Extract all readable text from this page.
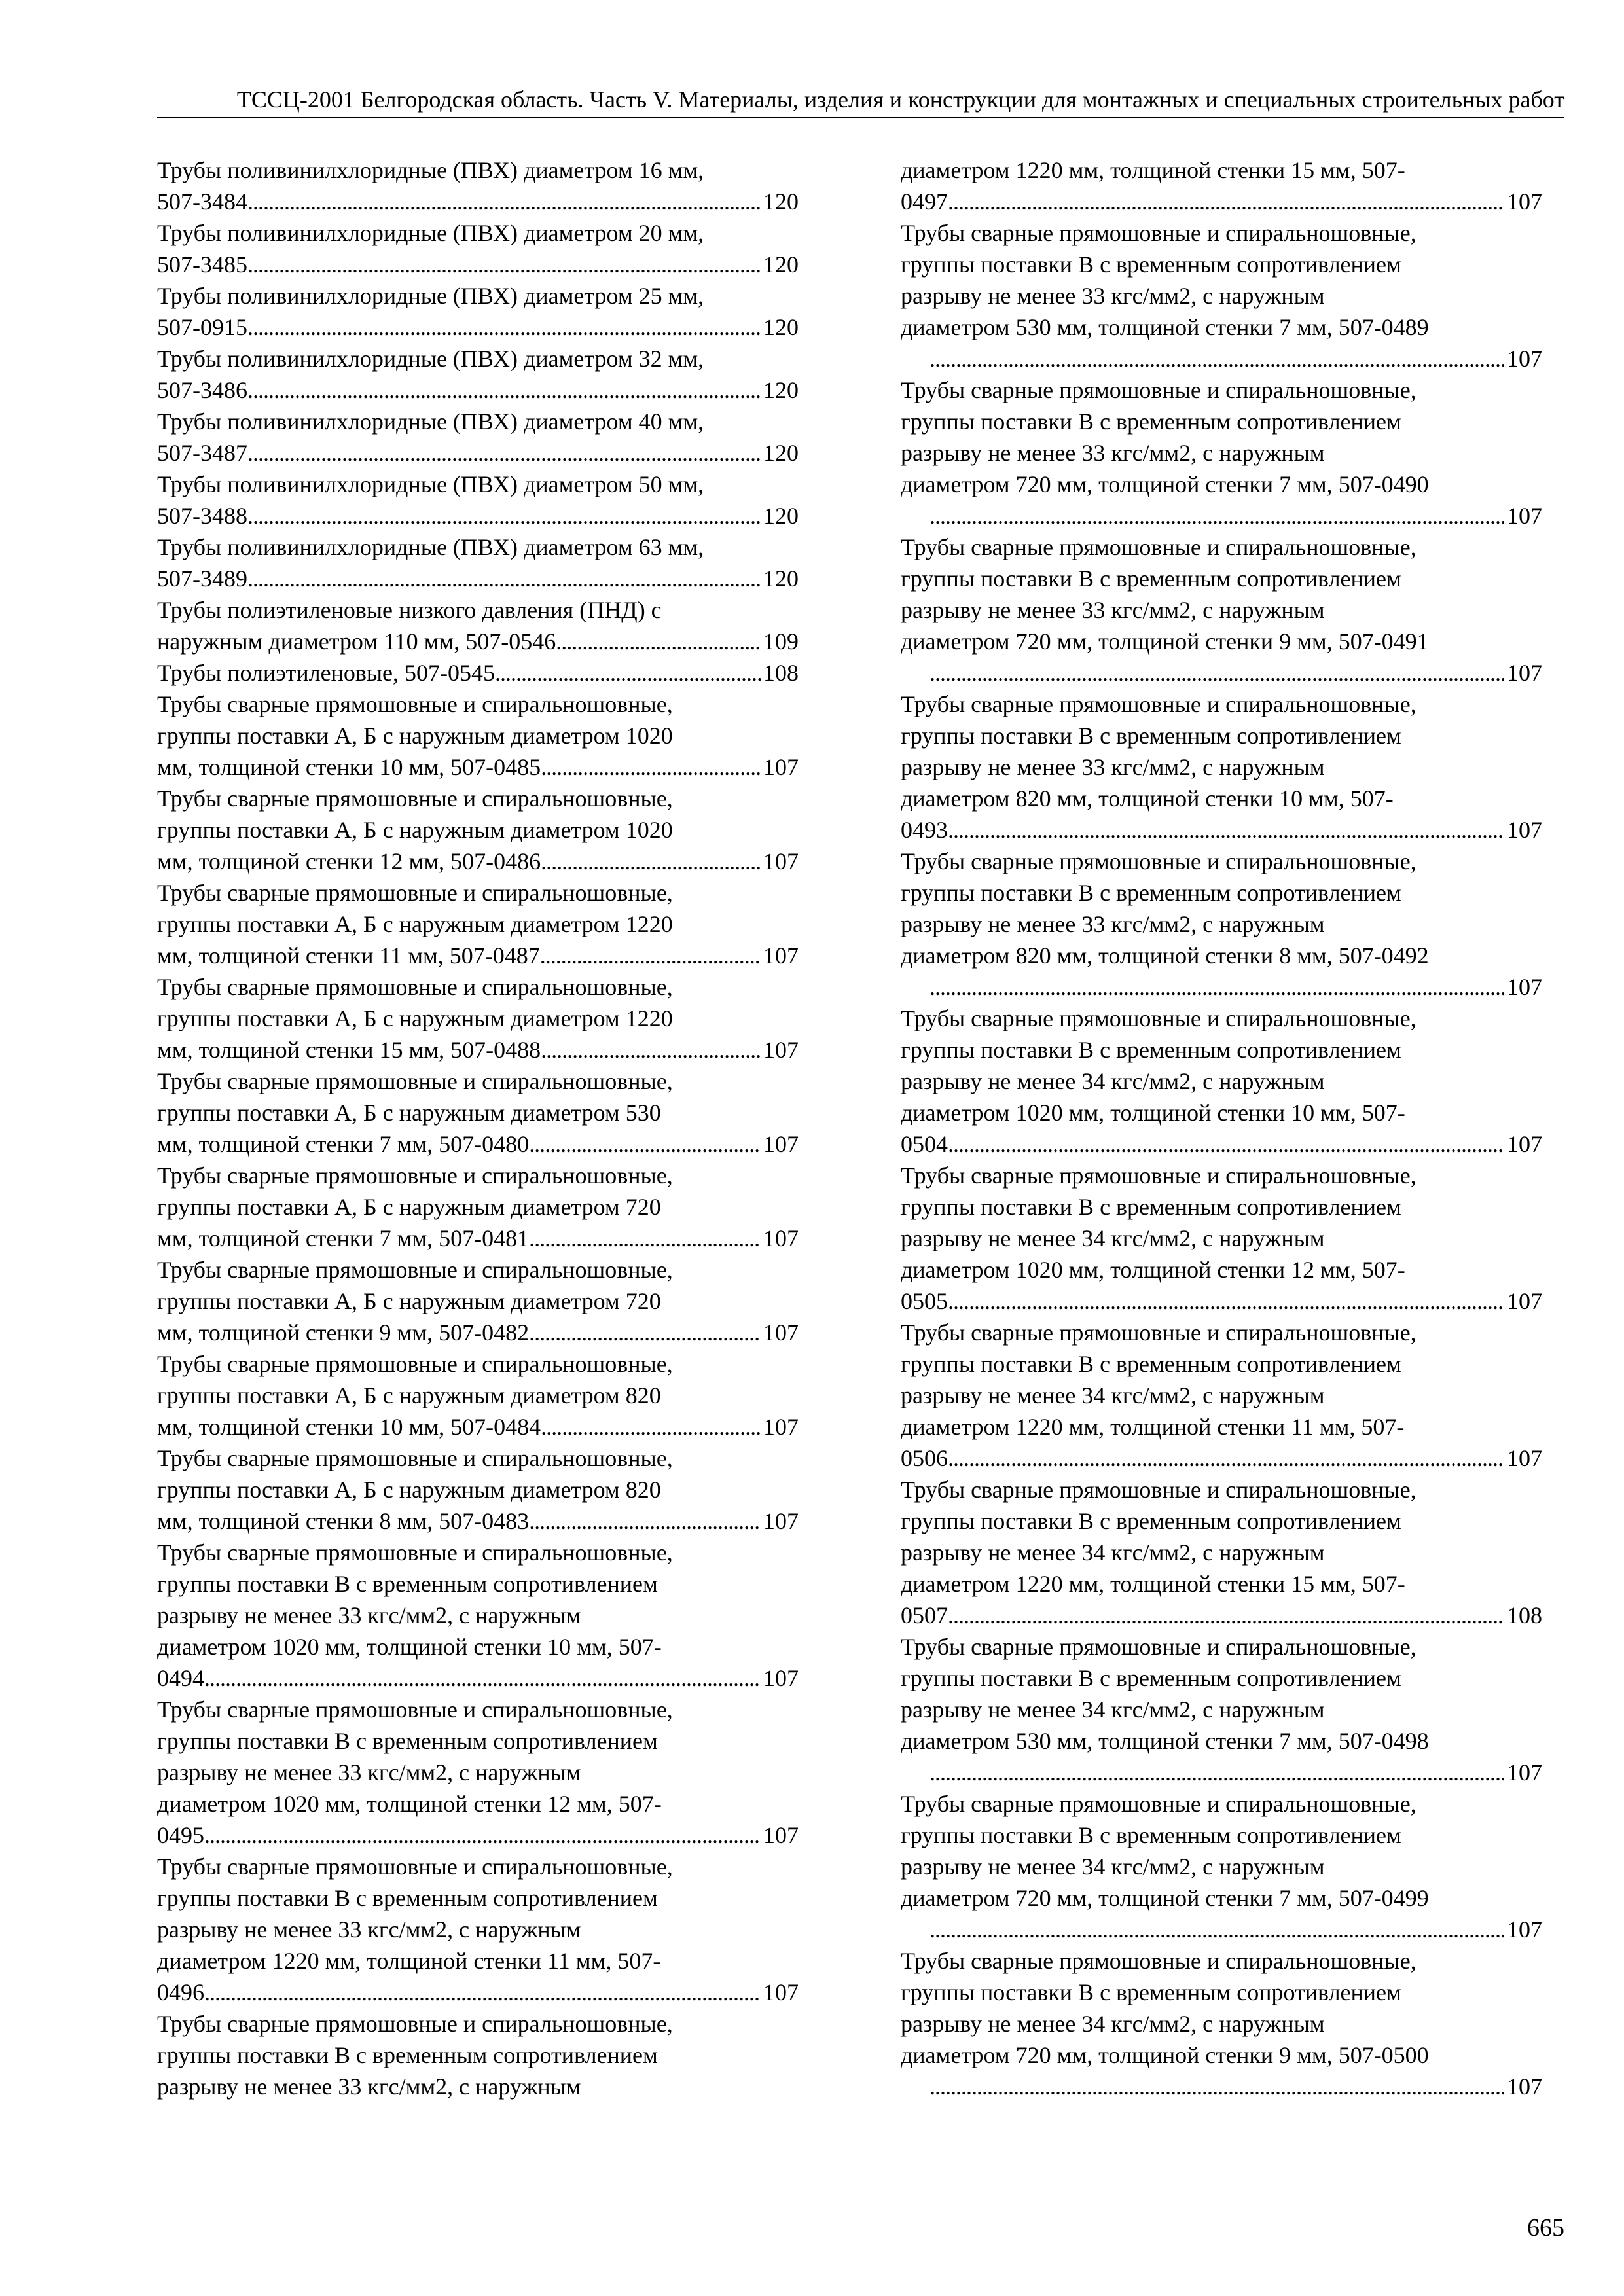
ТССЦ-2001 Белгородская область. Часть V. Материалы, изделия и конструкции для монтажных и специальных строительных работ
Трубы поливинилхлоридные (ПВХ) диаметром 16 мм,
507-3484 . . .	120
Трубы поливинилхлоридные (ПВХ) диаметром 20 мм,
507-3485 . . .	120
Трубы поливинилхлоридные (ПВХ) диаметром 25 мм,
507-0915 . . .	120
Трубы поливинилхлоридные (ПВХ) диаметром 32 мм,
507-3486 . . .	120
Трубы поливинилхлоридные (ПВХ) диаметром 40 мм,
507-3487 . . .	120
Трубы поливинилхлоридные (ПВХ) диаметром 50 мм,
507-3488 . . .	120
Трубы поливинилхлоридные (ПВХ) диаметром 63 мм,
507-3489 . . .	120
Трубы полиэтиленовые низкого давления (ПНД) с
наружным диаметром 110 мм, 507-0546 . . .	109
Трубы полиэтиленовые, 507-0545 . . .	108
Трубы сварные прямошовные и спиральношовные,
группы поставки А, Б с наружным диаметром 1020
мм, толщиной стенки 10 мм, 507-0485 . . .	107
Трубы сварные прямошовные и спиральношовные,
группы поставки А, Б с наружным диаметром 1020
мм, толщиной стенки 12 мм, 507-0486 . . .	107
Трубы сварные прямошовные и спиральношовные,
группы поставки А, Б с наружным диаметром 1220
мм, толщиной стенки 11 мм, 507-0487 . . .	107
Трубы сварные прямошовные и спиральношовные,
группы поставки А, Б с наружным диаметром 1220
мм, толщиной стенки 15 мм, 507-0488 . . .	107
Трубы сварные прямошовные и спиральношовные,
группы поставки А, Б с наружным диаметром 530
мм, толщиной стенки 7 мм, 507-0480 . . .	107
Трубы сварные прямошовные и спиральношовные,
группы поставки А, Б с наружным диаметром 720
мм, толщиной стенки 7 мм, 507-0481 . . .	107
Трубы сварные прямошовные и спиральношовные,
группы поставки А, Б с наружным диаметром 720
мм, толщиной стенки 9 мм, 507-0482 . . .	107
Трубы сварные прямошовные и спиральношовные,
группы поставки А, Б с наружным диаметром 820
мм, толщиной стенки 10 мм, 507-0484 . . .	107
Трубы сварные прямошовные и спиральношовные,
группы поставки А, Б с наружным диаметром 820
мм, толщиной стенки 8 мм, 507-0483 . . .	107
Трубы сварные прямошовные и спиральношовные,
группы поставки В с временным сопротивлением
разрыву не менее 33 кгс/мм2, с наружным
диаметром 1020 мм, толщиной стенки 10 мм, 507-
0494 . . .	107
Трубы сварные прямошовные и спиральношовные,
группы поставки В с временным сопротивлением
разрыву не менее 33 кгс/мм2, с наружным
диаметром 1020 мм, толщиной стенки 12 мм, 507-
0495 . . .	107
Трубы сварные прямошовные и спиральношовные,
группы поставки В с временным сопротивлением
разрыву не менее 33 кгс/мм2, с наружным
диаметром 1220 мм, толщиной стенки 11 мм, 507-
0496 . . .	107
Трубы сварные прямошовные и спиральношовные,
группы поставки В с временным сопротивлением
разрыву не менее 33 кгс/мм2, с наружным
диаметром 1220 мм, толщиной стенки 15 мм, 507-
0497 . . .	107
Трубы сварные прямошовные и спиральношовные,
группы поставки В с временным сопротивлением
разрыву не менее 33 кгс/мм2, с наружным
диаметром 530 мм, толщиной стенки 7 мм, 507-0489
. . .
107
Трубы сварные прямошовные и спиральношовные,
группы поставки В с временным сопротивлением
разрыву не менее 33 кгс/мм2, с наружным
диаметром 720 мм, толщиной стенки 7 мм, 507-0490
. . .
107
Трубы сварные прямошовные и спиральношовные,
группы поставки В с временным сопротивлением
разрыву не менее 33 кгс/мм2, с наружным
диаметром 720 мм, толщиной стенки 9 мм, 507-0491
. . .
107
Трубы сварные прямошовные и спиральношовные,
группы поставки В с временным сопротивлением
разрыву не менее 33 кгс/мм2, с наружным
диаметром 820 мм, толщиной стенки 10 мм, 507-
0493 . . .	107
Трубы сварные прямошовные и спиральношовные,
группы поставки В с временным сопротивлением
разрыву не менее 33 кгс/мм2, с наружным
диаметром 820 мм, толщиной стенки 8 мм, 507-0492
. . .
107
Трубы сварные прямошовные и спиральношовные,
группы поставки В с временным сопротивлением
разрыву не менее 34 кгс/мм2, с наружным
диаметром 1020 мм, толщиной стенки 10 мм, 507-
0504 . . .	107
Трубы сварные прямошовные и спиральношовные,
группы поставки В с временным сопротивлением
разрыву не менее 34 кгс/мм2, с наружным
диаметром 1020 мм, толщиной стенки 12 мм, 507-
0505 . . .	107
Трубы сварные прямошовные и спиральношовные,
группы поставки В с временным сопротивлением
разрыву не менее 34 кгс/мм2, с наружным
диаметром 1220 мм, толщиной стенки 11 мм, 507-
0506 . . .	107
Трубы сварные прямошовные и спиральношовные,
группы поставки В с временным сопротивлением
разрыву не менее 34 кгс/мм2, с наружным
диаметром 1220 мм, толщиной стенки 15 мм, 507-
0507 . . .	108
Трубы сварные прямошовные и спиральношовные,
группы поставки В с временным сопротивлением
разрыву не менее 34 кгс/мм2, с наружным
диаметром 530 мм, толщиной стенки 7 мм, 507-0498
. . .
107
Трубы сварные прямошовные и спиральношовные,
группы поставки В с временным сопротивлением
разрыву не менее 34 кгс/мм2, с наружным
диаметром 720 мм, толщиной стенки 7 мм, 507-0499
. . .
107
Трубы сварные прямошовные и спиральношовные,
группы поставки В с временным сопротивлением
разрыву не менее 34 кгс/мм2, с наружным
диаметром 720 мм, толщиной стенки 9 мм, 507-0500
. . .
107
665
